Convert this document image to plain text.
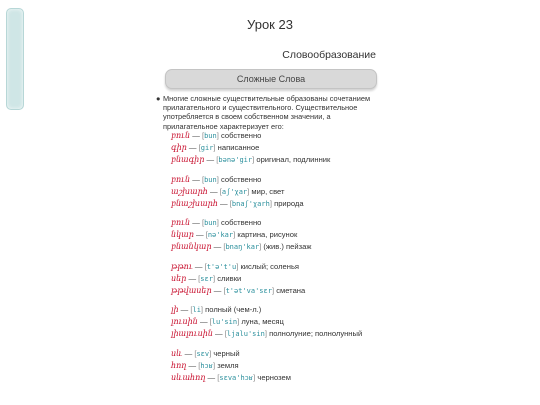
Урок 23
Словообразование
Сложные Слова
● Многие сложные существительные образованы сочетанием прилагательного и существительного. Существительное употребляется в своем собственном значении, а прилагательное характеризует его:
բուն — [bun] собственно
գիր — [gir] написанное
բնագիր — [bənə'gir] оригинал, подлинник
բուն — [bun] собственно
աշխարհ — [aʃ'χar] мир, свет
բնաշխարհ — [bnaʃ'χarh] природа
բուն — [bun] собственно
նկար — [nə'kar] картина, рисунок
բնանկար — [bnaŋ'kar] (жив.) пейзаж
թթու — [t'ə't'u] кислый; соленья
սեր — [sɛr] сливки
թթվասեր — [t'ət'va'sɛr] сметана
լի — [li] полный (чем-л.)
լուսին — [lu'sin] луна, месяц
լիալուսին — [ljalu'sin] полнолуние; полнолунный
սև — [sɛv] черный
հող — [hɔʁ] земля
սևահող — [sɛva'hɔʁ] чернозем
